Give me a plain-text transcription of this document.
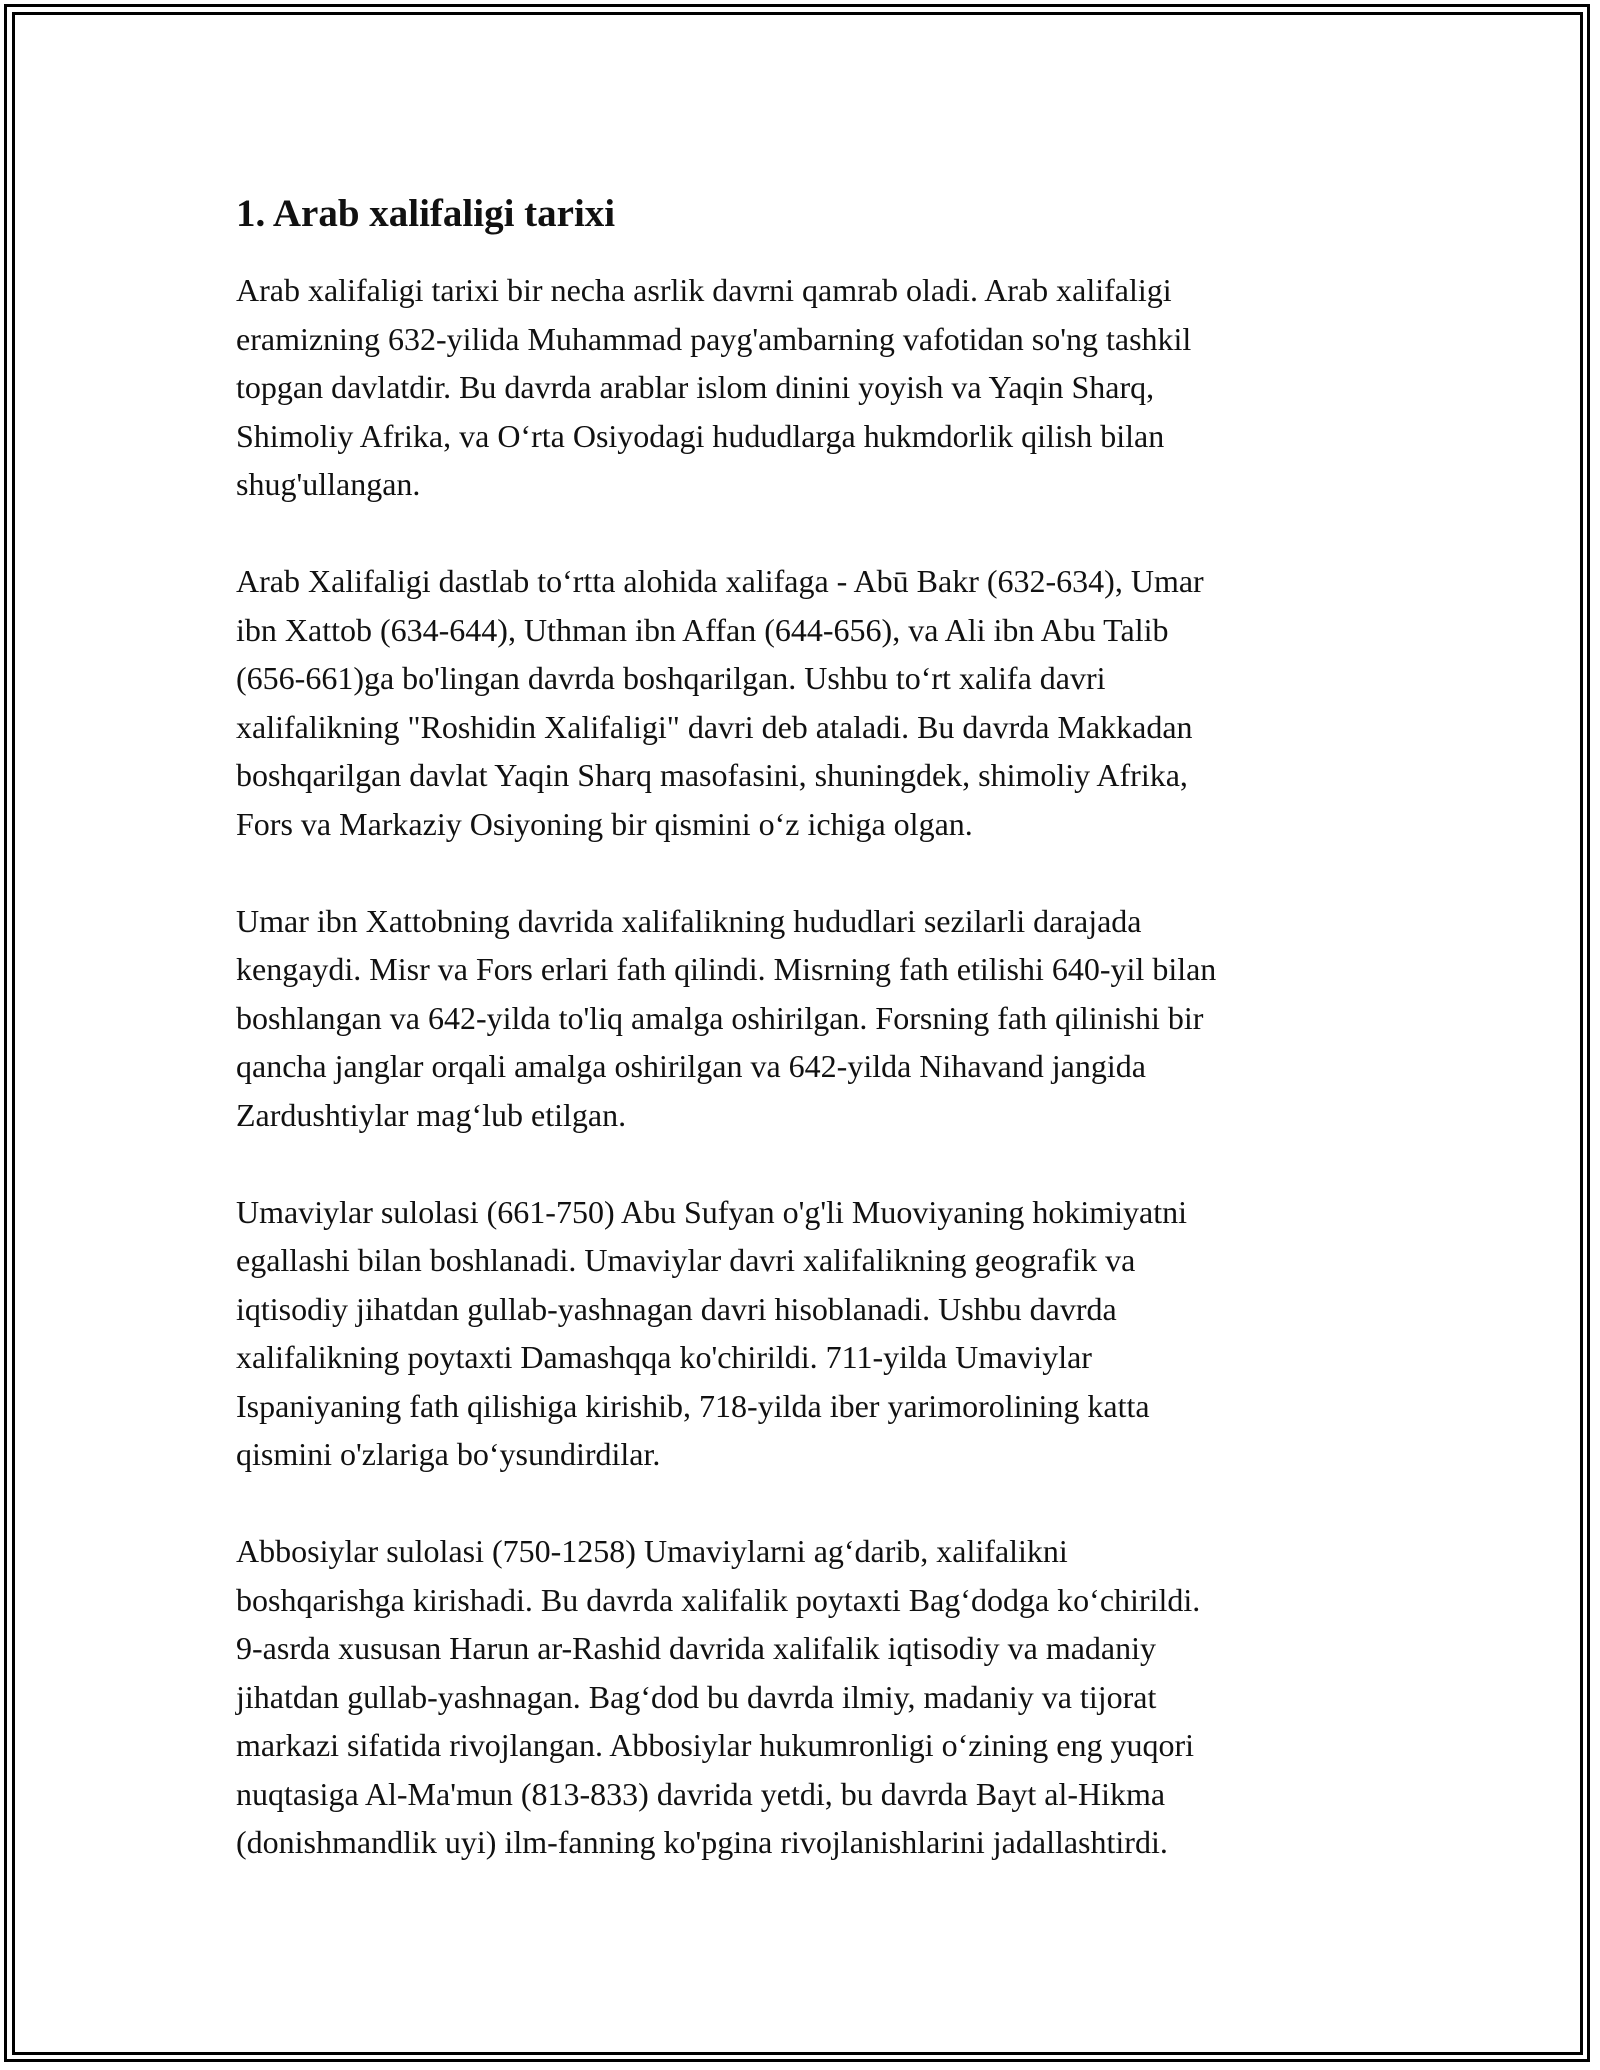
1. Arab xalifaligi tarixi
Arab xalifaligi tarixi bir necha asrlik davrni qamrab oladi. Arab xalifaligi
eramizning 632-yilida Muhammad payg'ambarning vafotidan so'ng tashkil
topgan davlatdir. Bu davrda arablar islom dinini yoyish va Yaqin Sharq,
Shimoliy Afrika, va O‘rta Osiyodagi hududlarga hukmdorlik qilish bilan
shug'ullangan.
Arab Xalifaligi dastlab to‘rtta alohida xalifaga - Abū Bakr (632-634), Umar
ibn Xattob (634-644), Uthman ibn Affan (644-656), va Ali ibn Abu Talib
(656-661)ga bo'lingan davrda boshqarilgan. Ushbu to‘rt xalifa davri
xalifalikning "Roshidin Xalifaligi" davri deb ataladi. Bu davrda Makkadan
boshqarilgan davlat Yaqin Sharq masofasini, shuningdek, shimoliy Afrika,
Fors va Markaziy Osiyoning bir qismini o‘z ichiga olgan.
Umar ibn Xattobning davrida xalifalikning hududlari sezilarli darajada
kengaydi. Misr va Fors erlari fath qilindi. Misrning fath etilishi 640-yil bilan
boshlangan va 642-yilda to'liq amalga oshirilgan. Forsning fath qilinishi bir
qancha janglar orqali amalga oshirilgan va 642-yilda Nihavand jangida
Zardushtiylar mag‘lub etilgan.
Umaviylar sulolasi (661-750) Abu Sufyan o'g'li Muoviyaning hokimiyatni
egallashi bilan boshlanadi. Umaviylar davri xalifalikning geografik va
iqtisodiy jihatdan gullab-yashnagan davri hisoblanadi. Ushbu davrda
xalifalikning poytaxti Damashqqa ko'chirildi. 711-yilda Umaviylar
Ispaniyaning fath qilishiga kirishib, 718-yilda iber yarimorolining katta
qismini o'zlariga bo‘ysundirdilar.
Abbosiylar sulolasi (750-1258) Umaviylarni ag‘darib, xalifalikni
boshqarishga kirishadi. Bu davrda xalifalik poytaxti Bag‘dodga ko‘chirildi.
9-asrda xususan Harun ar-Rashid davrida xalifalik iqtisodiy va madaniy
jihatdan gullab-yashnagan. Bag‘dod bu davrda ilmiy, madaniy va tijorat
markazi sifatida rivojlangan. Abbosiylar hukumronligi o‘zining eng yuqori
nuqtasiga Al-Ma'mun (813-833) davrida yetdi, bu davrda Bayt al-Hikma
(donishmandlik uyi) ilm-fanning ko'pgina rivojlanishlarini jadallashtirdi.
